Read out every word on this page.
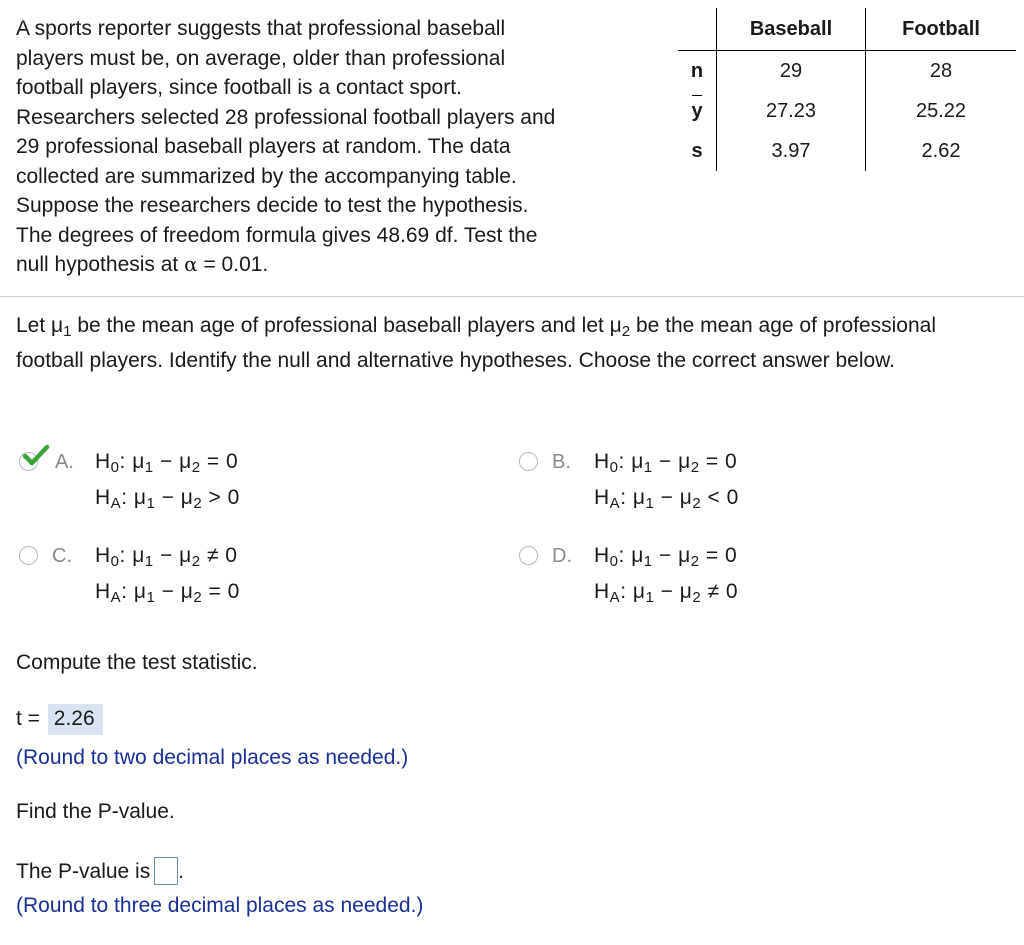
A sports reporter suggests that professional baseball
players must be, on average, older than professional
football players, since football is a contact sport.
Researchers selected 28 professional football players and
29 professional baseball players at random. The data
collected are summarized by the accompanying table.
Suppose the researchers decide to test the hypothesis.
The degrees of freedom formula gives 48.69 df. Test the
null hypothesis at α = 0.01.
	Baseball	Football
n	29	28
y	27.23	25.22
s	3.97	2.62
Let $\mu_1$ be the mean age of professional baseball players and let $\mu_2$ be the mean age of professional football players. Identify the null and alternative hypotheses. Choose the correct answer below.
A. $H_0$: $\mu_1 - \mu_2 = 0$
$H_A$: $\mu_1 - \mu_2 > 0$
B. $H_0$: $\mu_1 - \mu_2 = 0$
$H_A$: $\mu_1 - \mu_2 < 0$
C. $H_0$: $\mu_1 - \mu_2 \ne 0$
$H_A$: $\mu_1 - \mu_2 = 0$
D. $H_0$: $\mu_1 - \mu_2 = 0$
$H_A$: $\mu_1 - \mu_2 \ne 0$
Compute the test statistic.
t = 2.26
(Round to two decimal places as needed.)
Find the P-value.
The P-value is .
(Round to three decimal places as needed.)
